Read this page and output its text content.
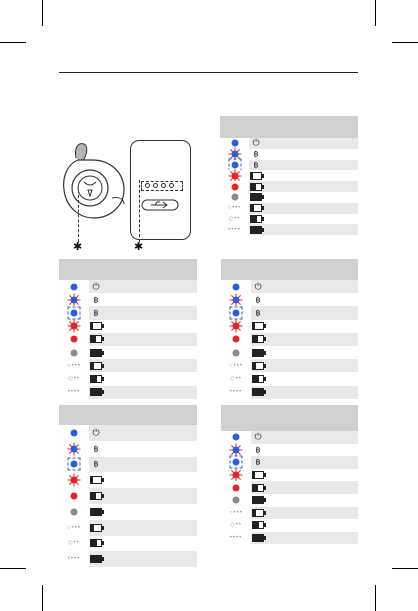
✱	✱
⏻
฿
฿
○•••
◇••
••••
⏻
฿
฿
○•••
◇••
••••
⏻
฿
฿
○•••
◇••
••••
⏻
฿
฿
○•••
◇••
••••
⏻
฿
฿
○•••
◇••
••••
